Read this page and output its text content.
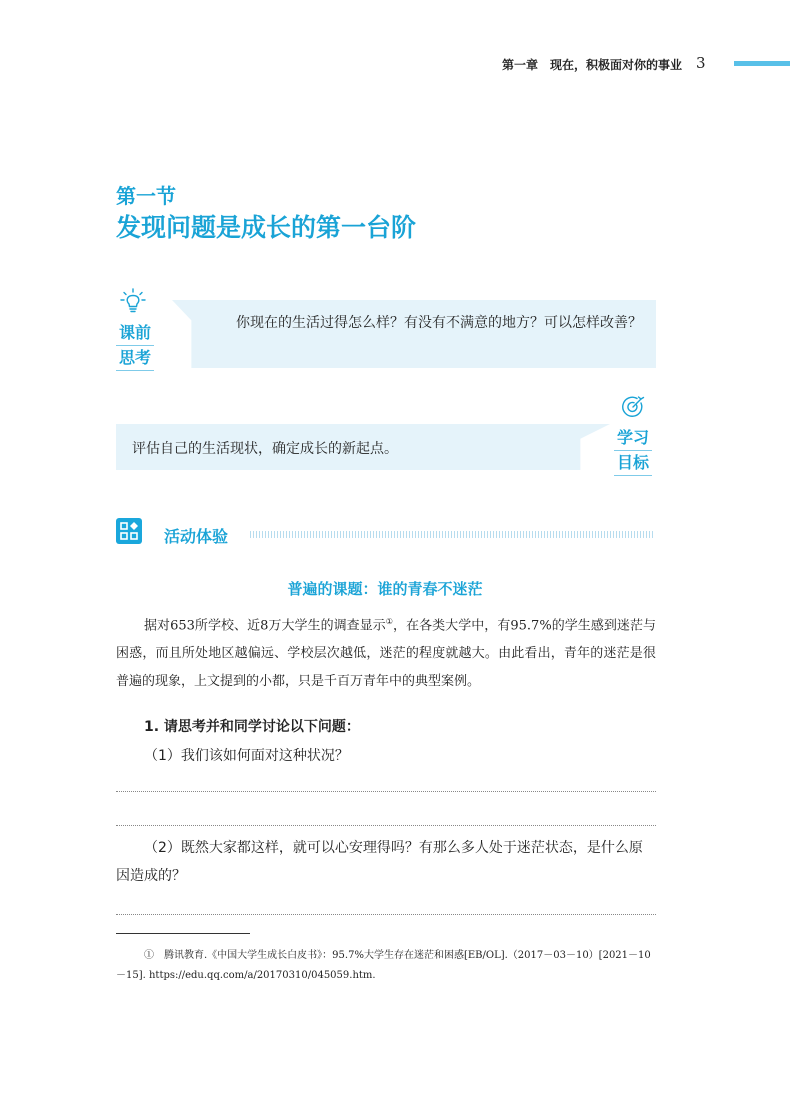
第一章　现在，积极面对你的事业 3
第一节
发现问题是成长的第一台阶
课前
思考
你现在的生活过得怎么样？有没有不满意的地方？可以怎样改善？
评估自己的生活现状，确定成长的新起点。
学习
目标
活动体验
普遍的课题：谁的青春不迷茫
据对653所学校、近8万大学生的调查显示①，在各类大学中，有95.7%的学生感到迷茫与困惑，而且所处地区越偏远、学校层次越低，迷茫的程度就越大。由此看出，青年的迷茫是很普遍的现象，上文提到的小都，只是千百万青年中的典型案例。
1. 请思考并和同学讨论以下问题：
（1）我们该如何面对这种状况？
（2）既然大家都这样，就可以心安理得吗？有那么多人处于迷茫状态，是什么原因造成的？
①　腾讯教育.《中国大学生成长白皮书》：95.7%大学生存在迷茫和困惑[EB/OL].（2017－03－10）[2021－10－15]. https://edu.qq.com/a/20170310/045059.htm.
